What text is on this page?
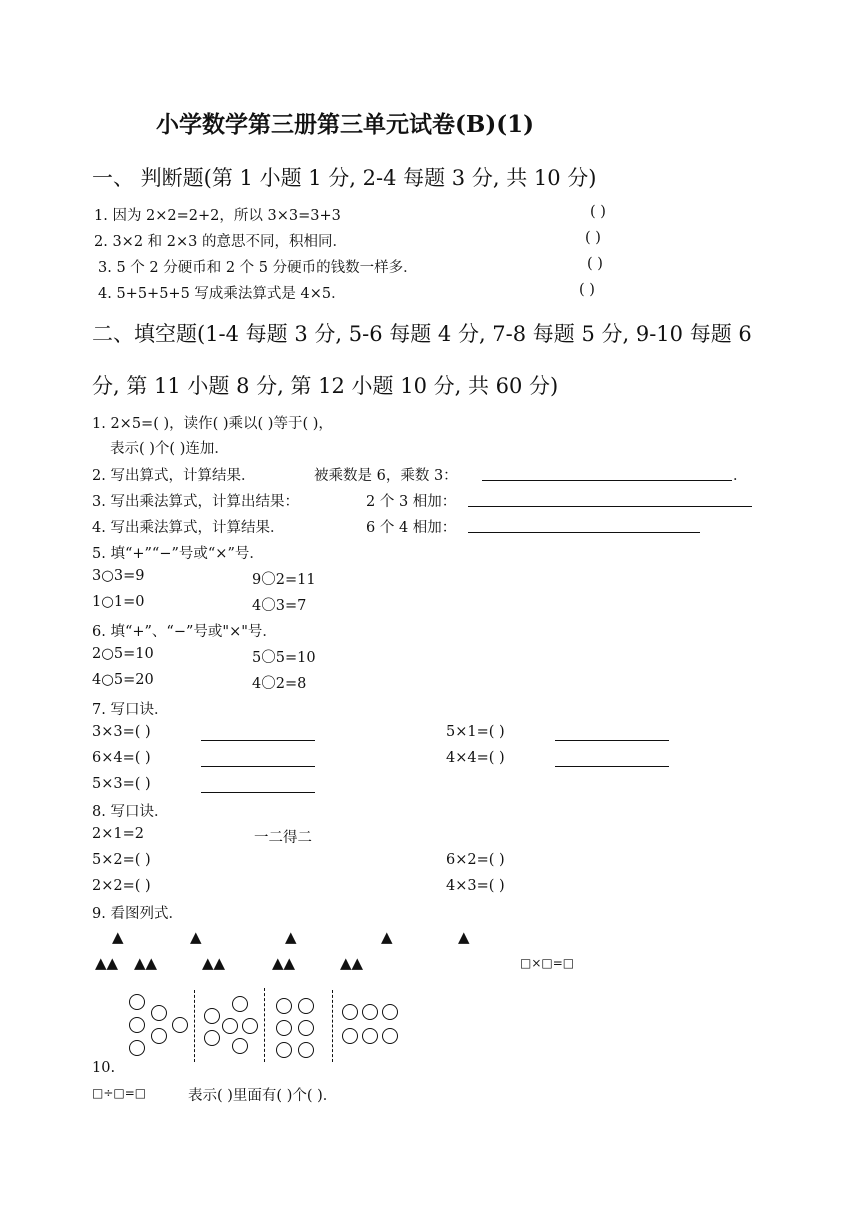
小学数学第三册第三单元试卷(B)(1)
一、 判断题(第 1 小题 1 分, 2-4 每题 3 分, 共 10 分)
1. 因为 2×2=2+2，所以 3×3=3+3	( )
2. 3×2 和 2×3 的意思不同，积相同．	( )
3. 5 个 2 分硬币和 2 个 5 分硬币的钱数一样多．	( )
4. 5+5+5+5 写成乘法算式是 4×5．	( )
二、填空题(1-4 每题 3 分, 5-6 每题 4 分, 7-8 每题 5 分, 9-10 每题 6
分, 第 11 小题 8 分, 第 12 小题 10 分, 共 60 分)
1. 2×5=( )，读作( )乘以( )等于( )，
表示( )个( )连加．
2. 写出算式，计算结果．	被乘数是 6，乘数 3：	．
3. 写出乘法算式，计算出结果：	2 个 3 相加：
4. 写出乘法算式，计算结果．	6 个 4 相加：
5. 填“+”“−”号或“×”号．
3○3=9	9〇2=11
1○1=0	4〇3=7
6. 填“+”、“−”号或"×"号．
2○5=10	5〇5=10
4○5=20	4〇2=8
7. 写口诀．
3×3=( )	5×1=( )
6×4=( )	4×4=( )
5×3=( )
8. 写口诀．
2×1=2	一二得二
5×2=( )	6×2=( )
2×2=( )	4×3=( )
9. 看图列式．
▲	▲	▲	▲	▲
▲▲ ▲▲	▲▲	▲▲	▲▲	□×□=□
10.
□÷□=□	表示( )里面有( )个( )．
